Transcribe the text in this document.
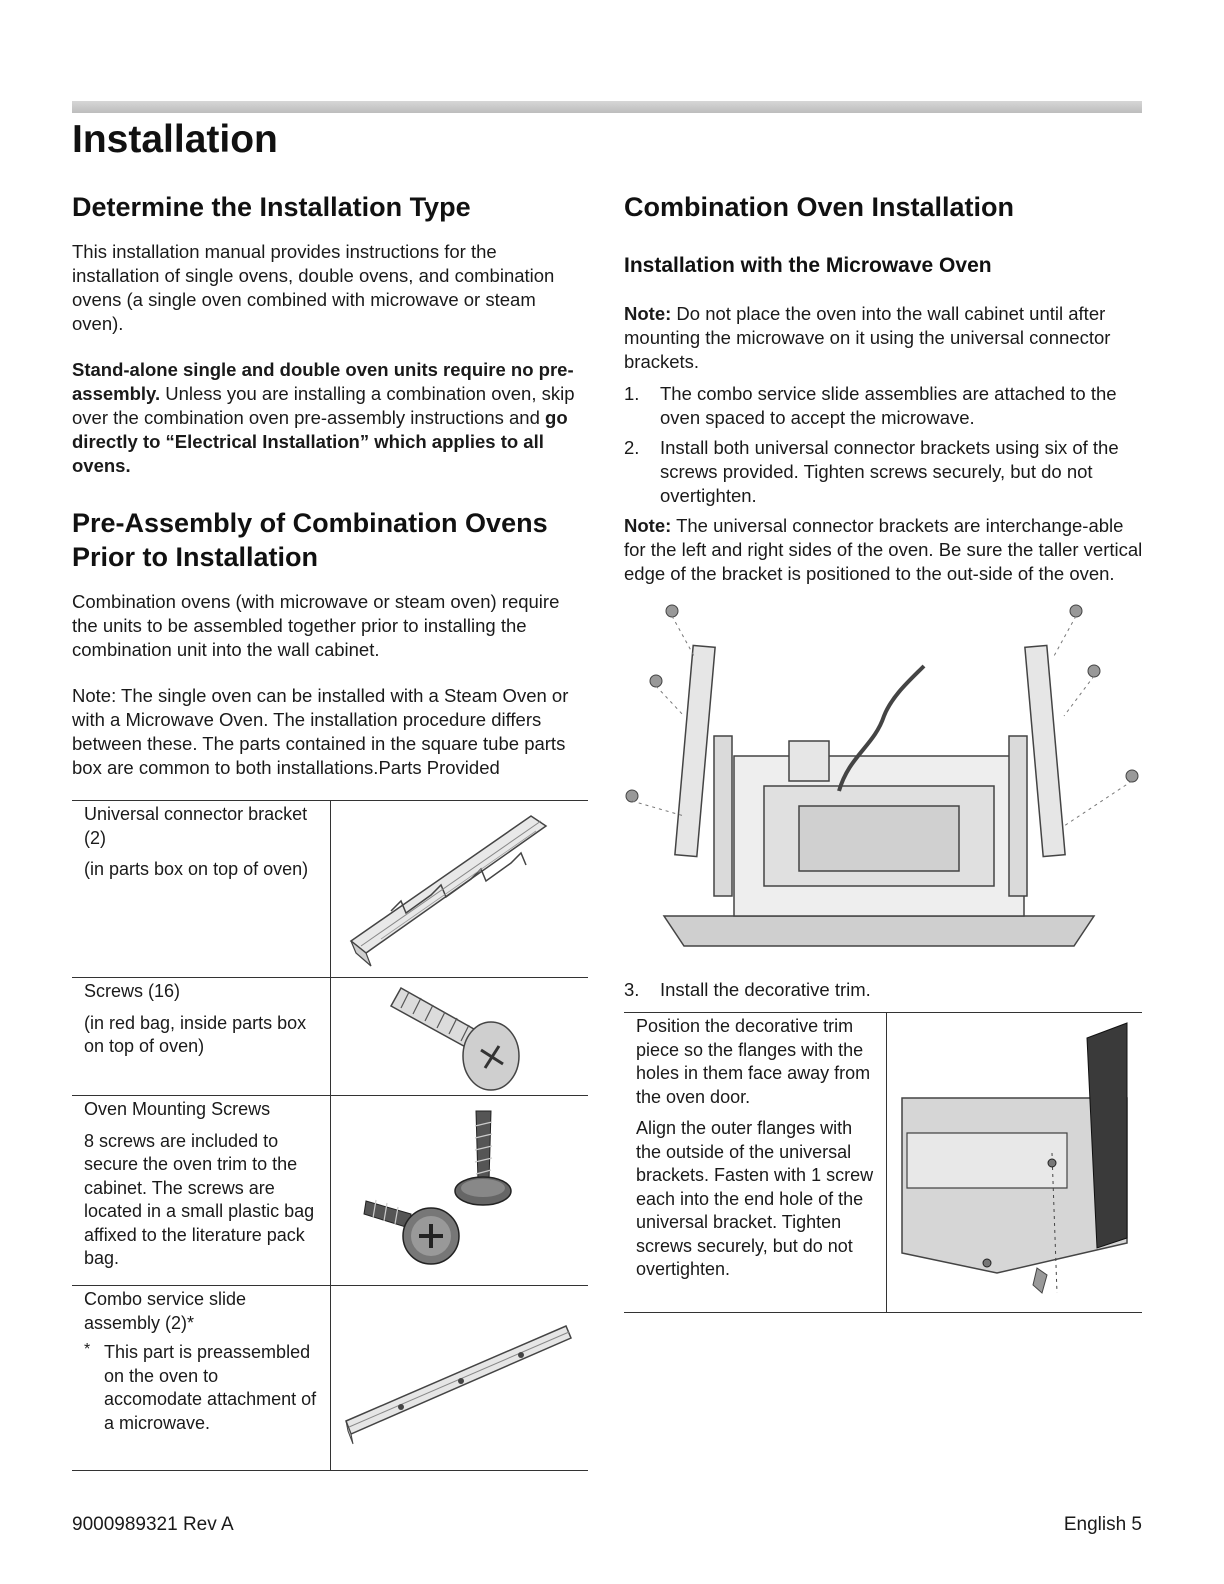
Installation
Determine the Installation Type

This installation manual provides instructions for the installation of single ovens, double ovens, and combination ovens (a single oven combined with microwave or steam oven).

Stand-alone single and double oven units require no pre-assembly. Unless you are installing a combination oven, skip over the combination oven pre-assembly instructions and go directly to “Electrical Installation” which applies to all ovens.

Pre-Assembly of Combination Ovens
Prior to Installation

Combination ovens (with microwave or steam oven) require the units to be assembled together prior to installing the combination unit into the wall cabinet.

Note: The single oven can be installed with a Steam Oven or with a Microwave Oven. The installation procedure differs between these. The parts contained in the square tube parts box are common to both installations.Parts Provided

Universal connector bracket (2)

(in parts box on top of oven)

Screws (16)

(in red bag, inside parts box on top of oven)

Oven Mounting Screws

8 screws are included to secure the oven trim to the cabinet. The screws are located in a small plastic bag affixed to the literature pack bag.

Combo service slide assembly (2)*

* This part is preassembled on the oven to accomodate attachment of a microwave.

Combination Oven Installation
Installation with the Microwave Oven

Note: Do not place the oven into the wall cabinet until after mounting the microwave on it using the universal connector brackets.

1.	The combo service slide assemblies are attached to the oven spaced to accept the microwave.
2.	Install both universal connector brackets using six of the screws provided. Tighten screws securely, but do not overtighten.

Note: The universal connector brackets are interchange-able for the left and right sides of the oven. Be sure the taller vertical edge of the bracket is positioned to the out-side of the oven.

3.	Install the decorative trim.

Position the decorative trim piece so the flanges with the holes in them face away from the oven door.

Align the outer flanges with the outside of the universal brackets. Fasten with 1 screw each into the end hole of the universal bracket. Tighten screws securely, but do not overtighten.

9000989321 Rev A	English 5
